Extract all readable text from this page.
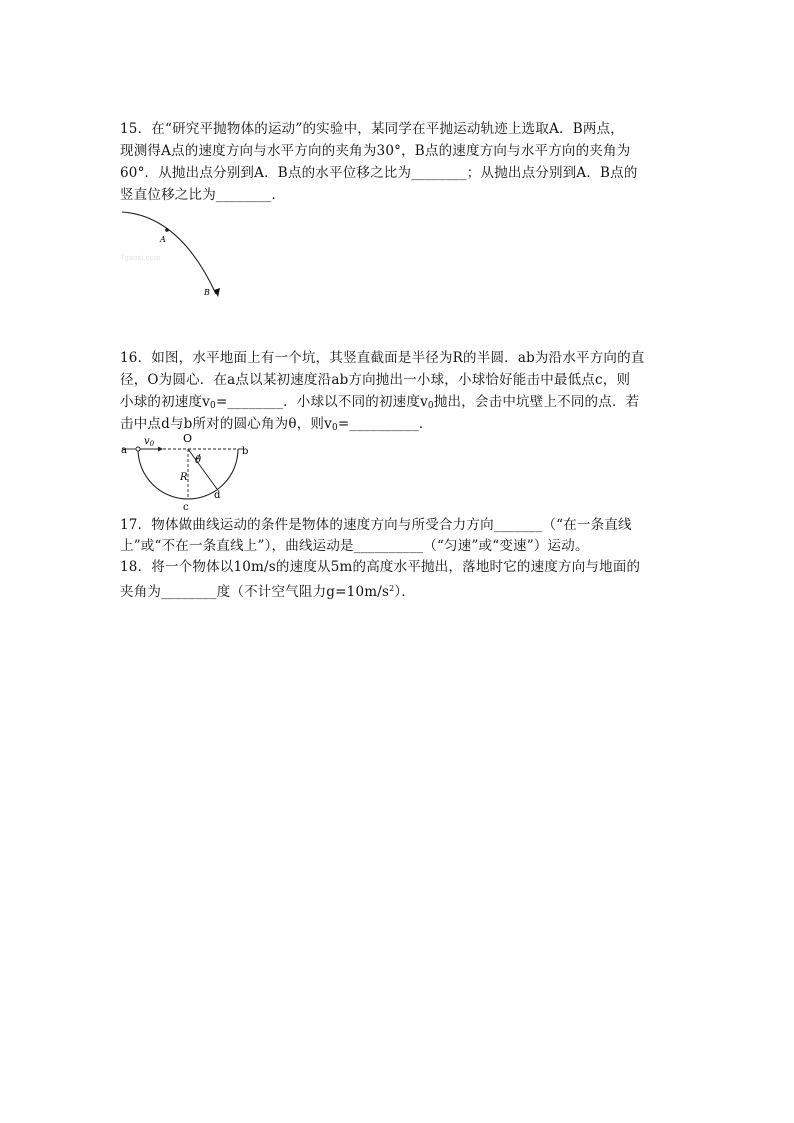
15．在“研究平抛物体的运动”的实验中，某同学在平抛运动轨迹上选取A．B两点，
现测得A点的速度方向与水平方向的夹角为30°，B点的速度方向与水平方向的夹角为
60°．从抛出点分别到A．B点的水平位移之比为________；从抛出点分别到A．B点的
竖直位移之比为________．
A
B
7gaoxi.com
16．如图，水平地面上有一个坑，其竖直截面是半径为R的半圆．ab为沿水平方向的直
径，O为圆心．在a点以某初速度沿ab方向抛出一小球，小球恰好能击中最低点c，则
小球的初速度$v_0=\_\_\_\_\_\_\_\_$．小球以不同的初速度$v_0$抛出，会击中坑壁上不同的点．若
击中点d与b所对的圆心角为θ，则$v_0=\_\_\_\_\_\_\_\_\_\_$．
a	b
O
c
d
R
θ
$v_0$
17．物体做曲线运动的条件是物体的速度方向与所受合力方向_______（“在一条直线
上”或“不在一条直线上”），曲线运动是__________（“匀速”或“变速”）运动。
18．将一个物体以10m/s的速度从5m的高度水平抛出，落地时它的速度方向与地面的
夹角为________度（不计空气阻力$g=10m/s^2$）．
